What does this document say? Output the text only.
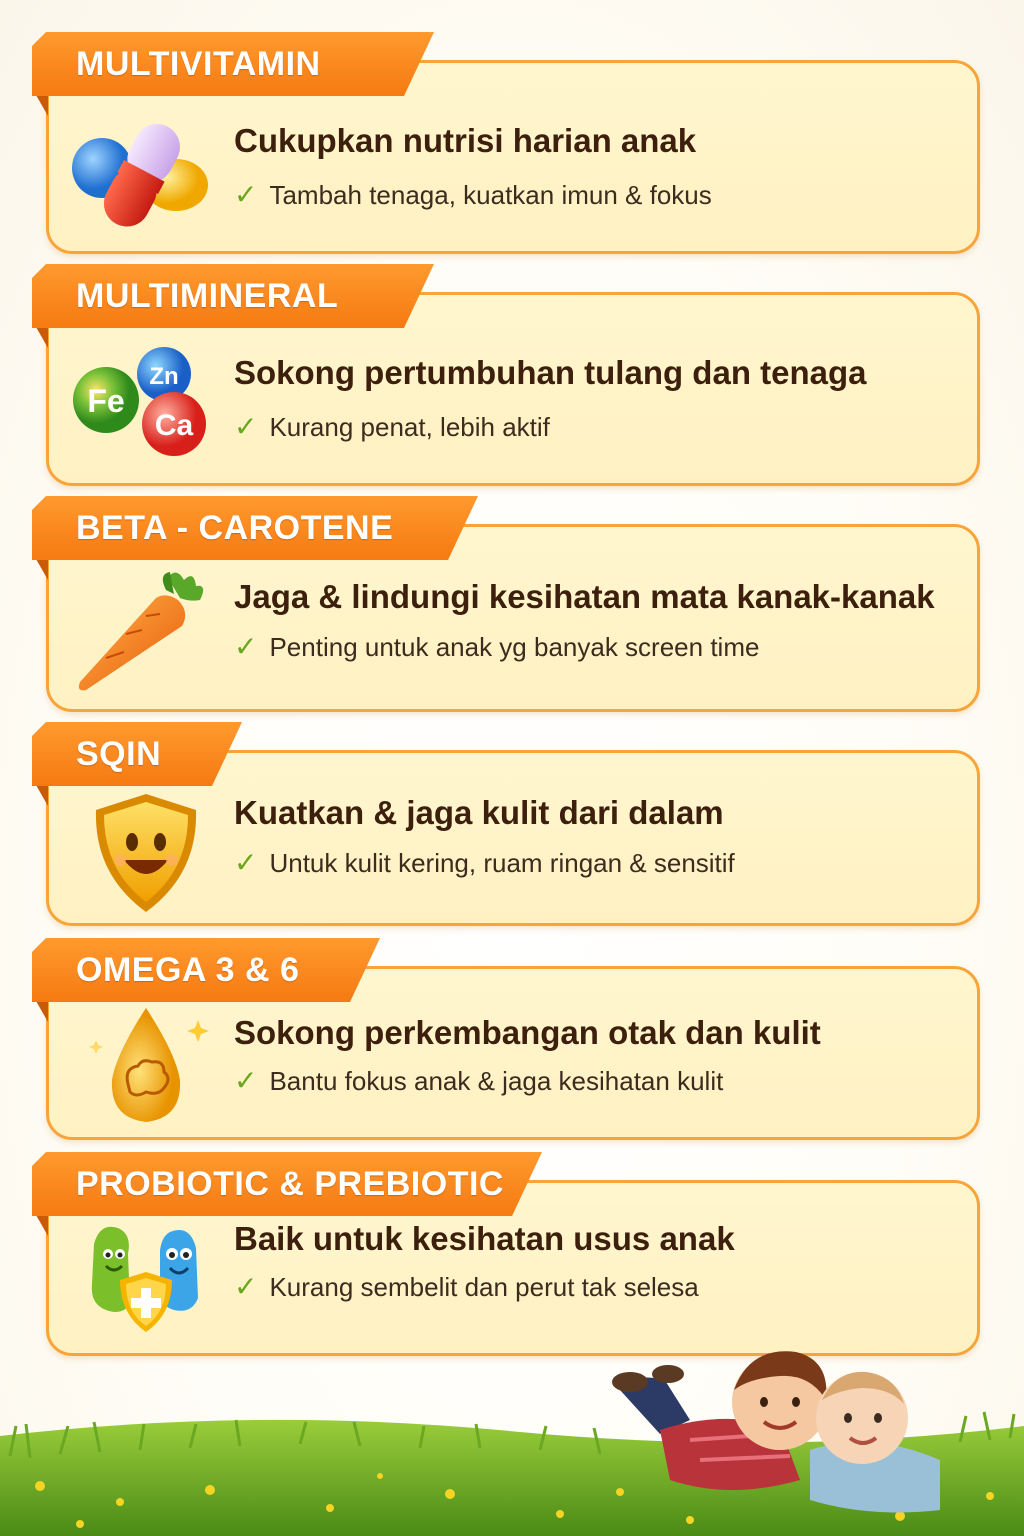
MULTIVITAMIN
Cukupkan nutrisi harian anak
✓ Tambah tenaga, kuatkan imun & fokus
MULTIMINERAL
Zn
Fe
Ca
Sokong pertumbuhan tulang dan tenaga
✓ Kurang penat, lebih aktif
BETA - CAROTENE
Jaga & lindungi kesihatan mata kanak-kanak
✓ Penting untuk anak yg banyak screen time
SQIN
Kuatkan & jaga kulit dari dalam
✓ Untuk kulit kering, ruam ringan & sensitif
OMEGA 3 & 6
Sokong perkembangan otak dan kulit
✓ Bantu fokus anak & jaga kesihatan kulit
PROBIOTIC & PREBIOTIC
Baik untuk kesihatan usus anak
✓ Kurang sembelit dan perut tak selesa
